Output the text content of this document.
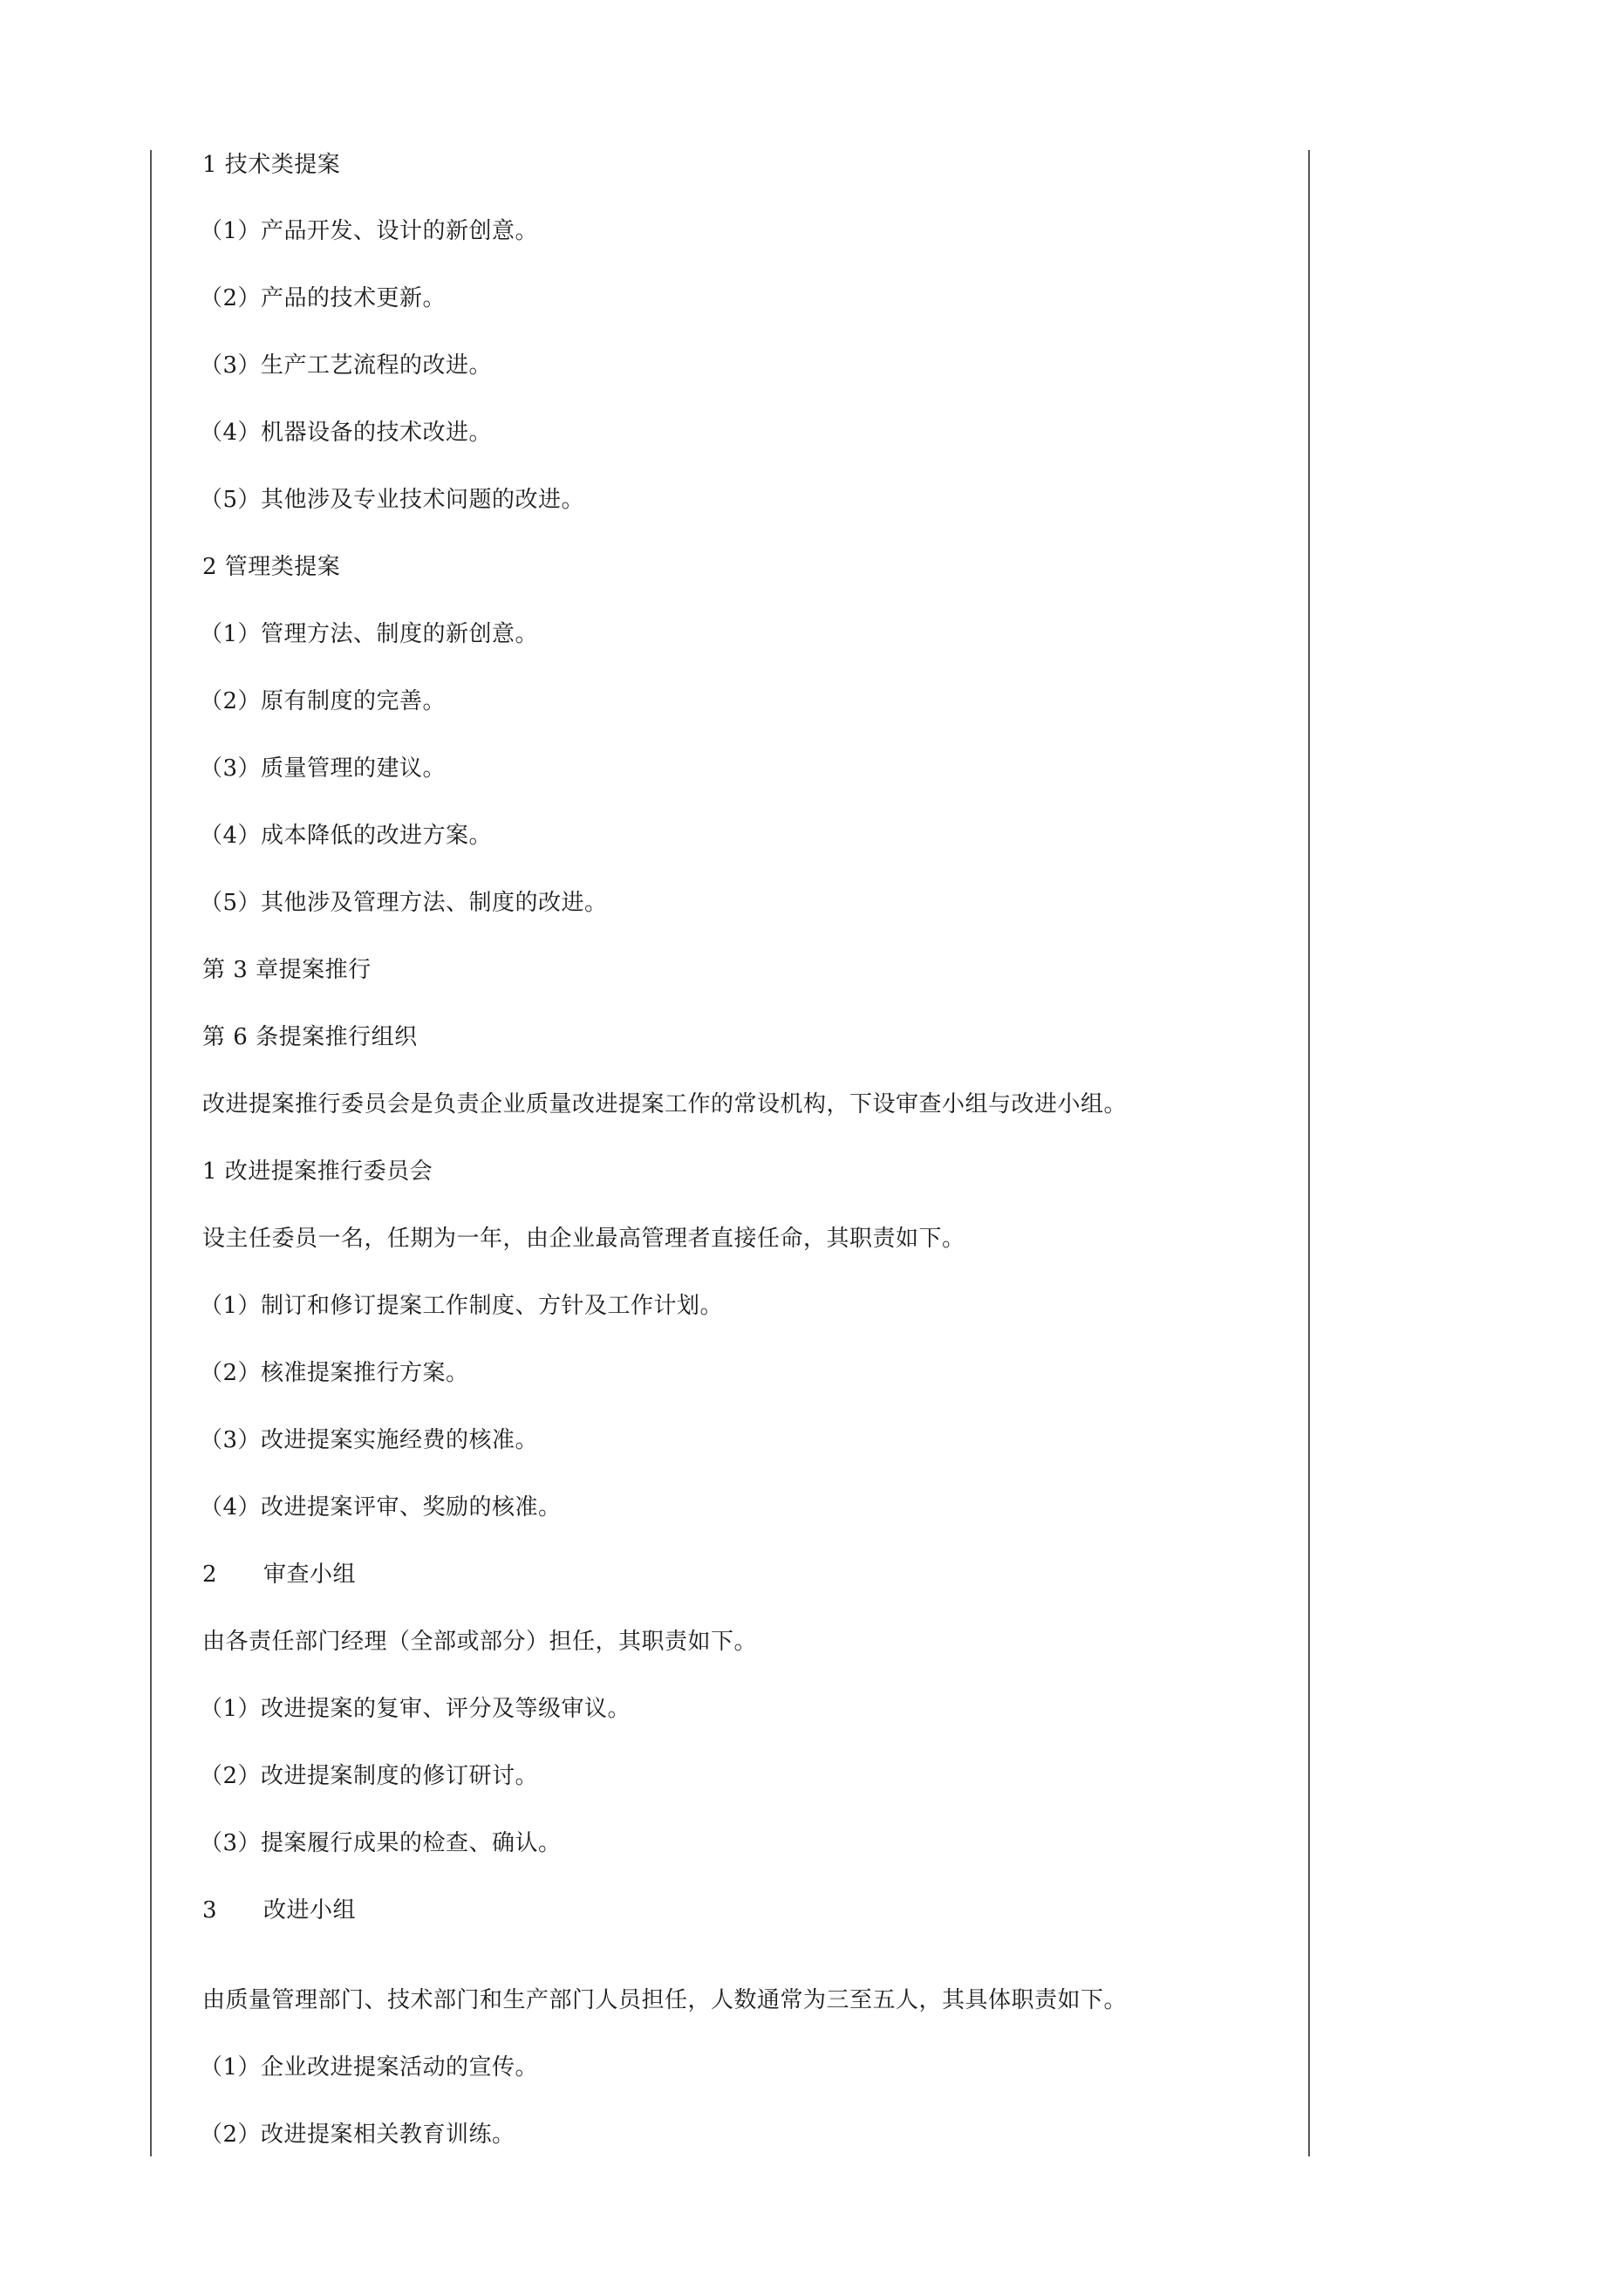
1 技术类提案
（1）产品开发、设计的新创意。
（2）产品的技术更新。
（3）生产工艺流程的改进。
（4）机器设备的技术改进。
（5）其他涉及专业技术问题的改进。
2 管理类提案
（1）管理方法、制度的新创意。
（2）原有制度的完善。
（3）质量管理的建议。
（4）成本降低的改进方案。
（5）其他涉及管理方法、制度的改进。
第 3 章提案推行
第 6 条提案推行组织
改进提案推行委员会是负责企业质量改进提案工作的常设机构，下设审查小组与改进小组。
1 改进提案推行委员会
设主任委员一名，任期为一年，由企业最高管理者直接任命，其职责如下。
（1）制订和修订提案工作制度、方针及工作计划。
（2）核准提案推行方案。
（3）改进提案实施经费的核准。
（4）改进提案评审、奖励的核准。
2　　审查小组
由各责任部门经理（全部或部分）担任，其职责如下。
（1）改进提案的复审、评分及等级审议。
（2）改进提案制度的修订研讨。
（3）提案履行成果的检查、确认。
3　　改进小组
由质量管理部门、技术部门和生产部门人员担任，人数通常为三至五人，其具体职责如下。
（1）企业改进提案活动的宣传。
（2）改进提案相关教育训练。
